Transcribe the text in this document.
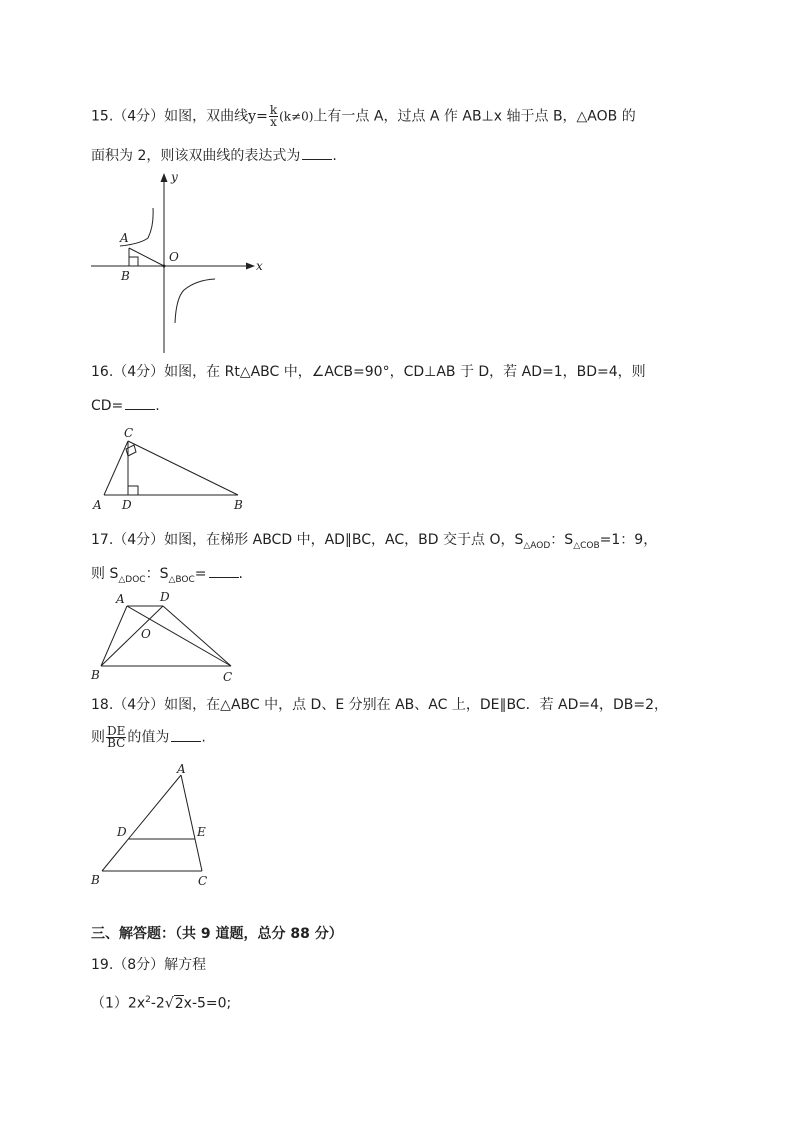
15.（4分）如图，双曲线$y= \frac{k}{x} (k\ne 0)$上有一点 A，过点 A 作 AB⊥x 轴于点 B，△AOB 的
面积为 2，则该双曲线的表达式为 .
y
x
A
B
O
C
A D	B
A	D
O
B	C
A
D	E
B	C
16.（4分）如图，在 Rt△ABC 中，∠ACB=90°，CD⊥AB 于 D，若 AD=1，BD=4，则
CD= .
17.（4分）如图，在梯形 ABCD 中，AD∥BC，AC，BD 交于点 O，$S_{\triangle AOD}$：$S_{\triangle COB}=1$：9，
则 $S_{\triangle DOC}$：$S_{\triangle BOC}=$ .
18.（4分）如图，在△ABC 中，点 D、E 分别在 AB、AC 上，DE∥BC．若 AD=4，DB=2，
则 $\frac{DE}{BC}$ 的值为 .
三、解答题：（共 9 道题，总分 88 分）
19.（8分）解方程
$(1)2x^2-2√2x-5=0$;
